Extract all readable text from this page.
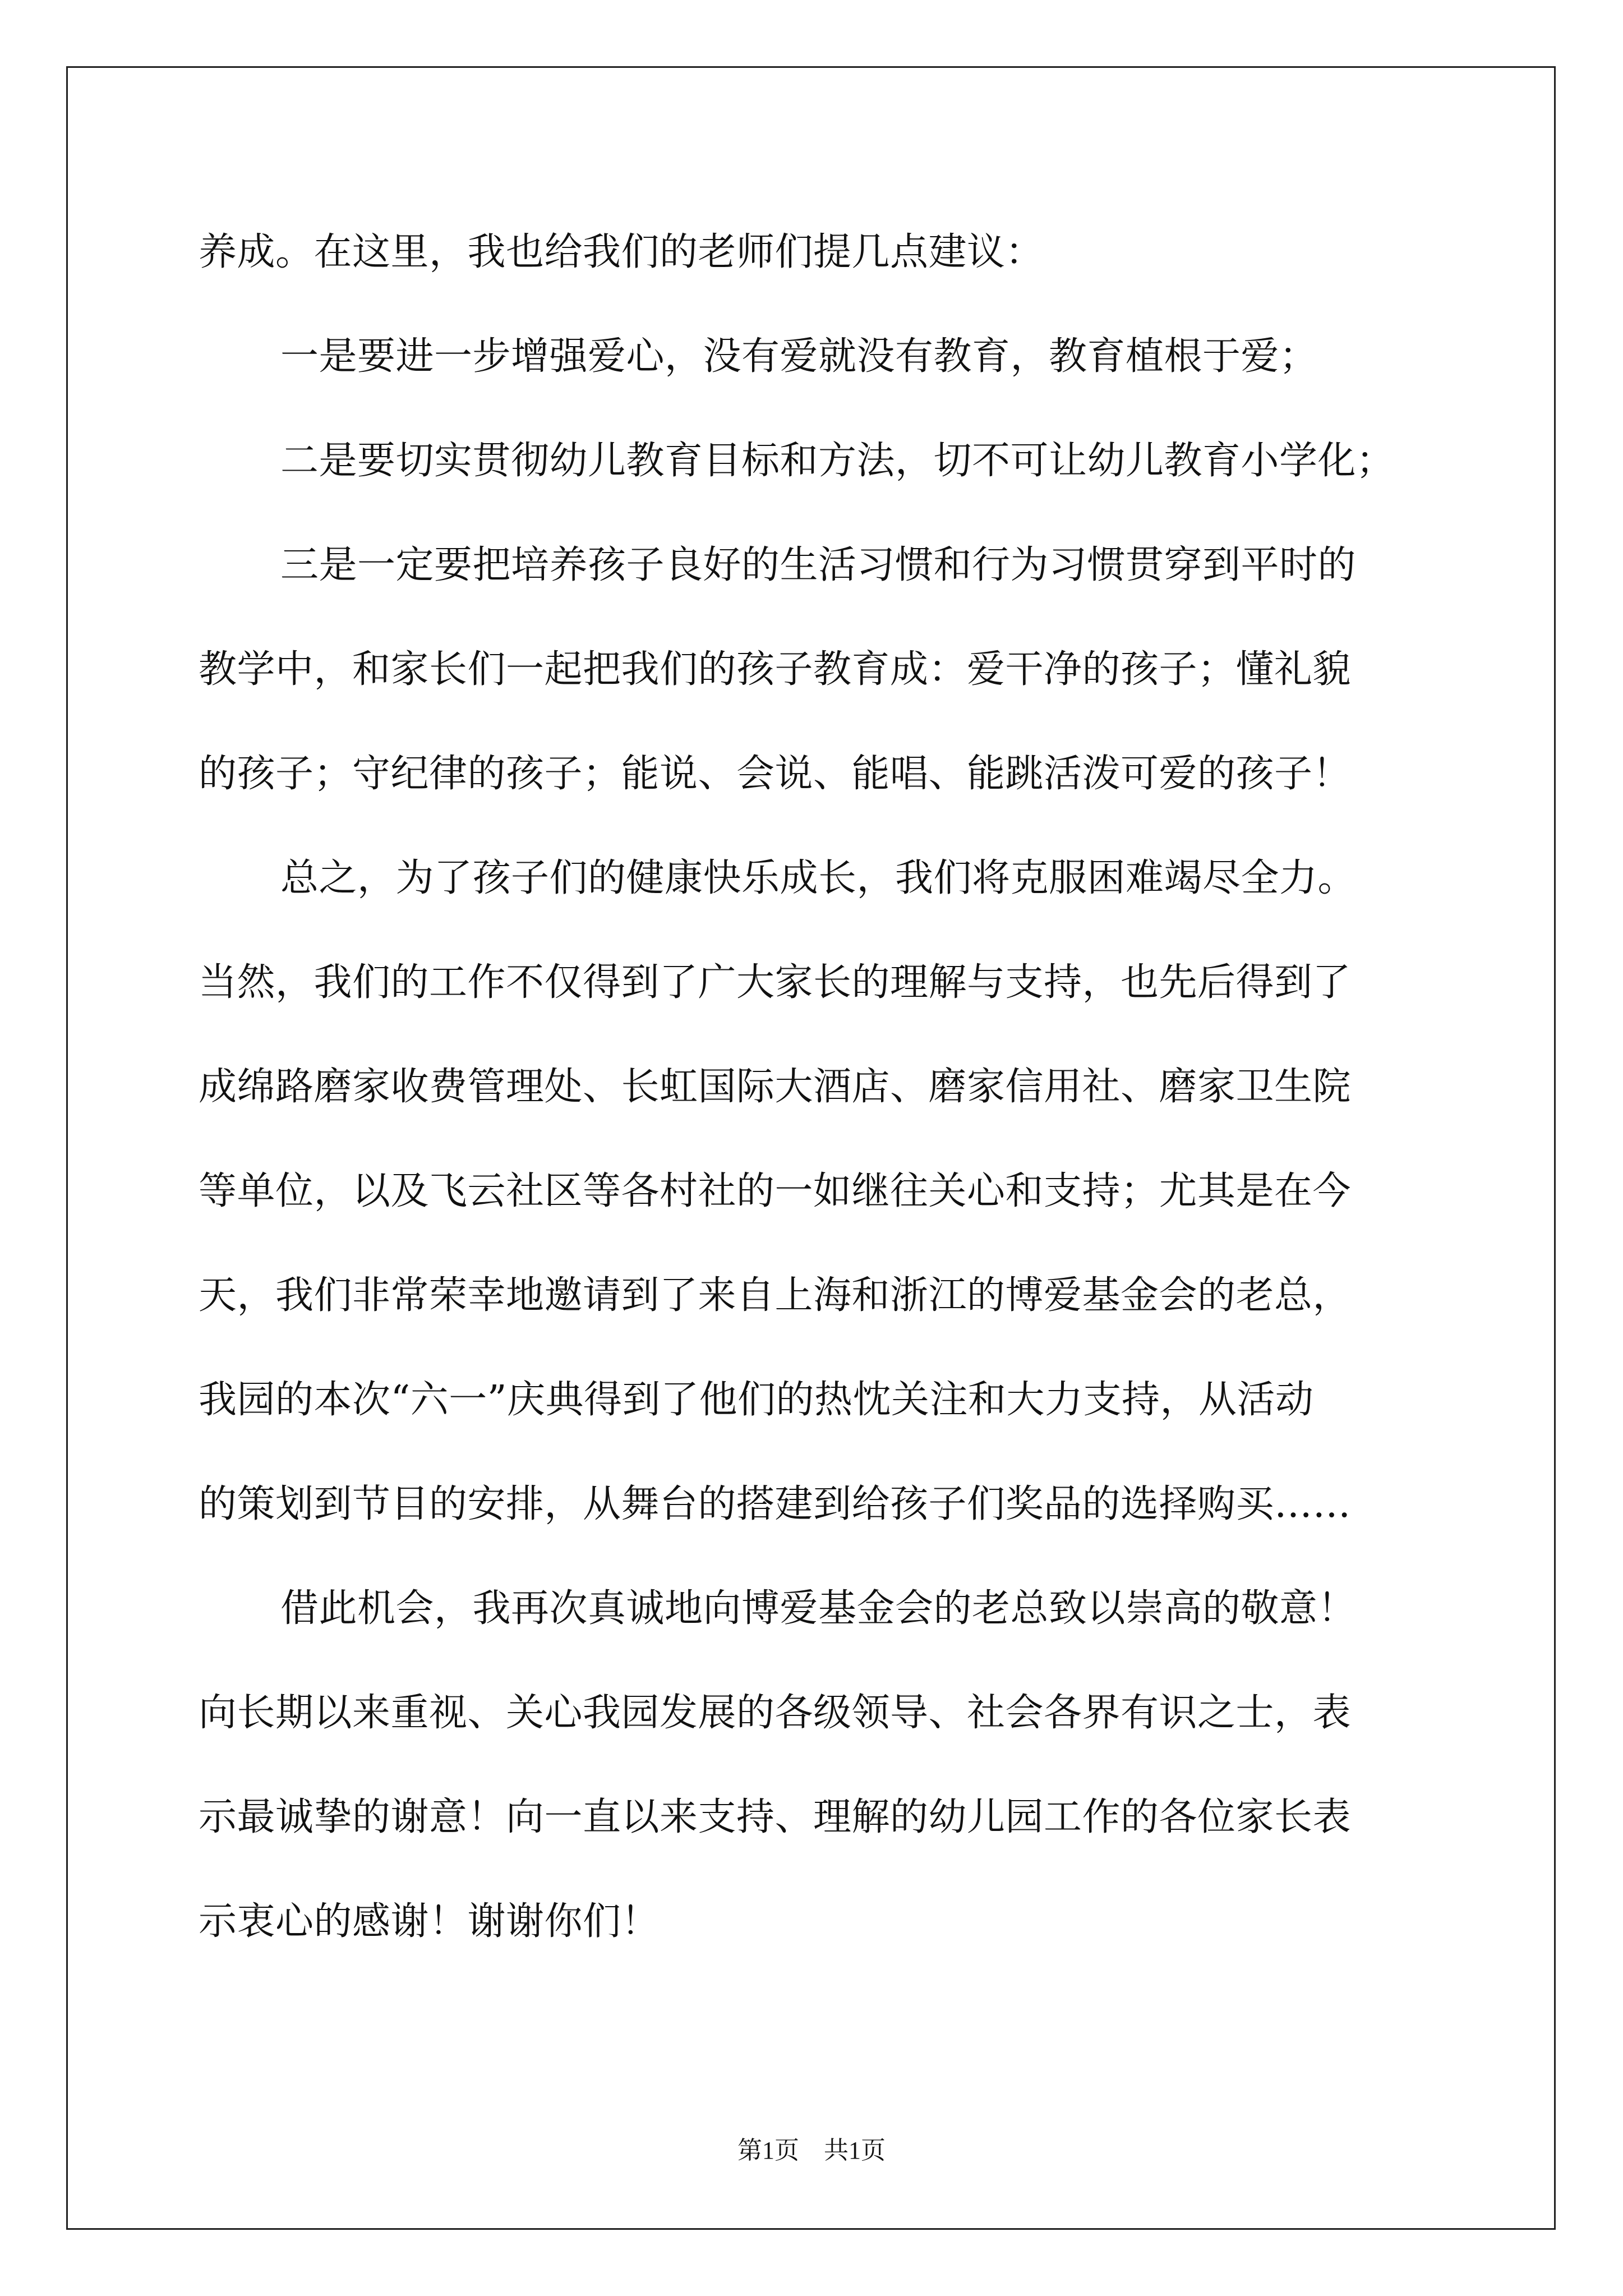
养成。在这里，我也给我们的老师们提几点建议：
一是要进一步增强爱心，没有爱就没有教育，教育植根于爱；
二是要切实贯彻幼儿教育目标和方法，切不可让幼儿教育小学化；
三是一定要把培养孩子良好的生活习惯和行为习惯贯穿到平时的
教学中，和家长们一起把我们的孩子教育成：爱干净的孩子；懂礼貌
的孩子；守纪律的孩子；能说、会说、能唱、能跳活泼可爱的孩子！
总之，为了孩子们的健康快乐成长，我们将克服困难竭尽全力。
当然，我们的工作不仅得到了广大家长的理解与支持，也先后得到了
成绵路磨家收费管理处、长虹国际大酒店、磨家信用社、磨家卫生院
等单位，以及飞云社区等各村社的一如继往关心和支持；尤其是在今
天，我们非常荣幸地邀请到了来自上海和浙江的博爱基金会的老总，
我园的本次“六一”庆典得到了他们的热忱关注和大力支持，从活动
的策划到节目的安排，从舞台的搭建到给孩子们奖品的选择购买……
借此机会，我再次真诚地向博爱基金会的老总致以崇高的敬意！
向长期以来重视、关心我园发展的各级领导、社会各界有识之士，表
示最诚挚的谢意！向一直以来支持、理解的幼儿园工作的各位家长表
示衷心的感谢！谢谢你们！
第1页　共1页
